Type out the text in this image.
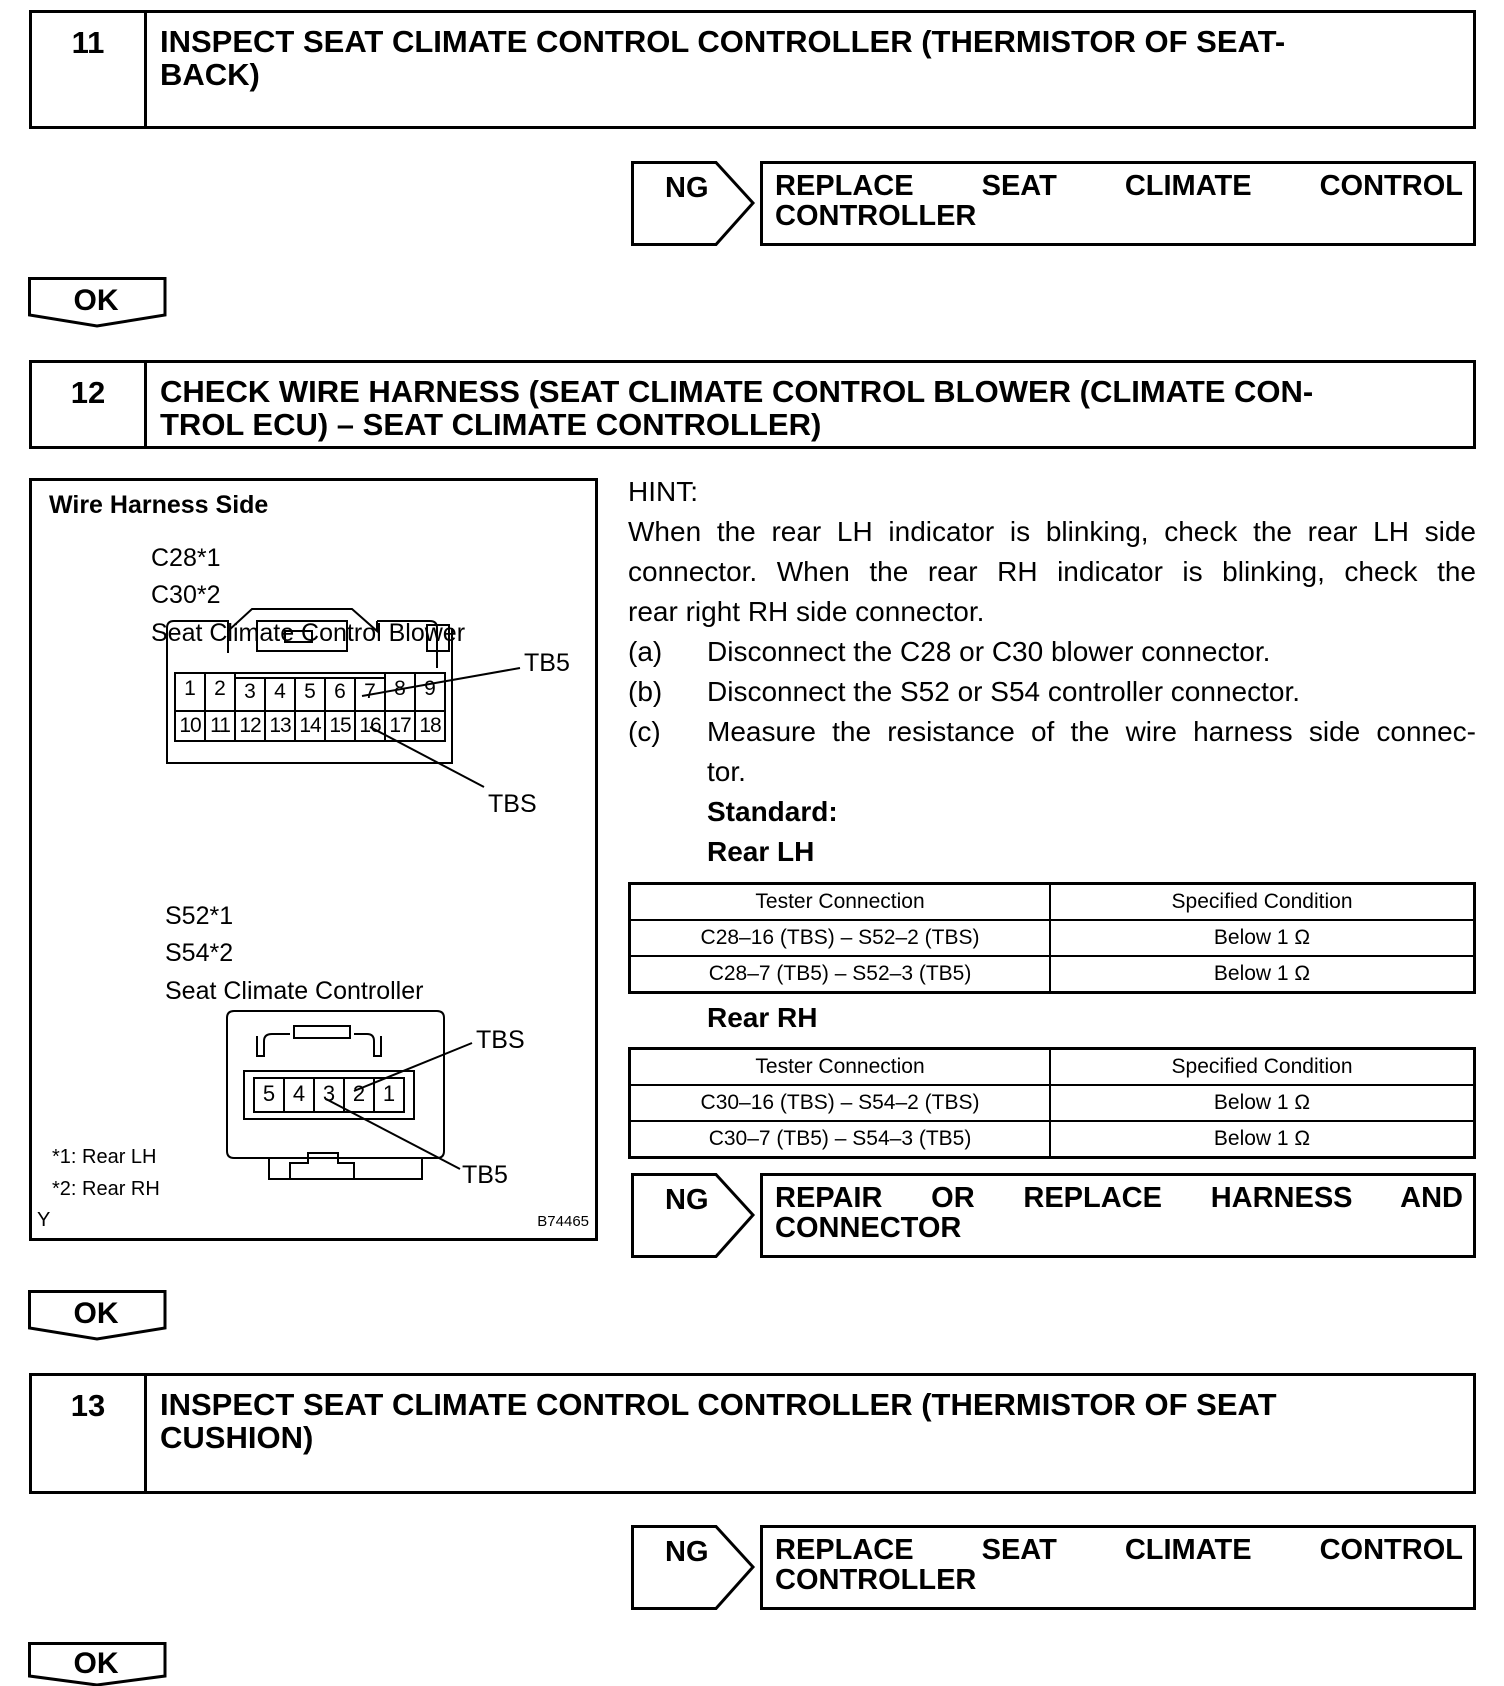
11	INSPECT SEAT CLIMATE CONTROL CONTROLLER (THERMISTOR OF SEAT-
BACK)
NG REPLACE SEAT CLIMATE CONTROL
CONTROLLER
OK
12	CHECK WIRE HARNESS (SEAT CLIMATE CONTROL BLOWER (CLIMATE CON-
TROL ECU) – SEAT CLIMATE CONTROLLER)
Wire Harness Side
C28*1
C30*2
Seat Climate Control Blower
TB5
TBS
1 2 3 4 5 6 7 8 9
10 11 12 13 14 15 16 17 18
S52*1
S54*2
Seat Climate Controller
TBS
TB5
5 4 3 2 1
*1: Rear LH
*2: Rear RH
Y	B74465
HINT:
When the rear LH indicator is blinking, check the rear LH side
connector. When the rear RH indicator is blinking, check the
rear right RH side connector.
(a) Disconnect the C28 or C30 blower connector.
(b) Disconnect the S52 or S54 controller connector.
(c) Measure the resistance of the wire harness side connec-
tor.
Standard:
Rear LH
Tester Connection	Specified Condition
C28–16 (TBS) – S52–2 (TBS)	Below 1 Ω
C28–7 (TB5) – S52–3 (TB5)	Below 1 Ω
Rear RH
Tester Connection	Specified Condition
C30–16 (TBS) – S54–2 (TBS)	Below 1 Ω
C30–7 (TB5) – S54–3 (TB5)	Below 1 Ω
NG REPAIR OR REPLACE HARNESS AND
CONNECTOR
OK
13	INSPECT SEAT CLIMATE CONTROL CONTROLLER (THERMISTOR OF SEAT
CUSHION)
NG REPLACE SEAT CLIMATE CONTROL
CONTROLLER
OK
